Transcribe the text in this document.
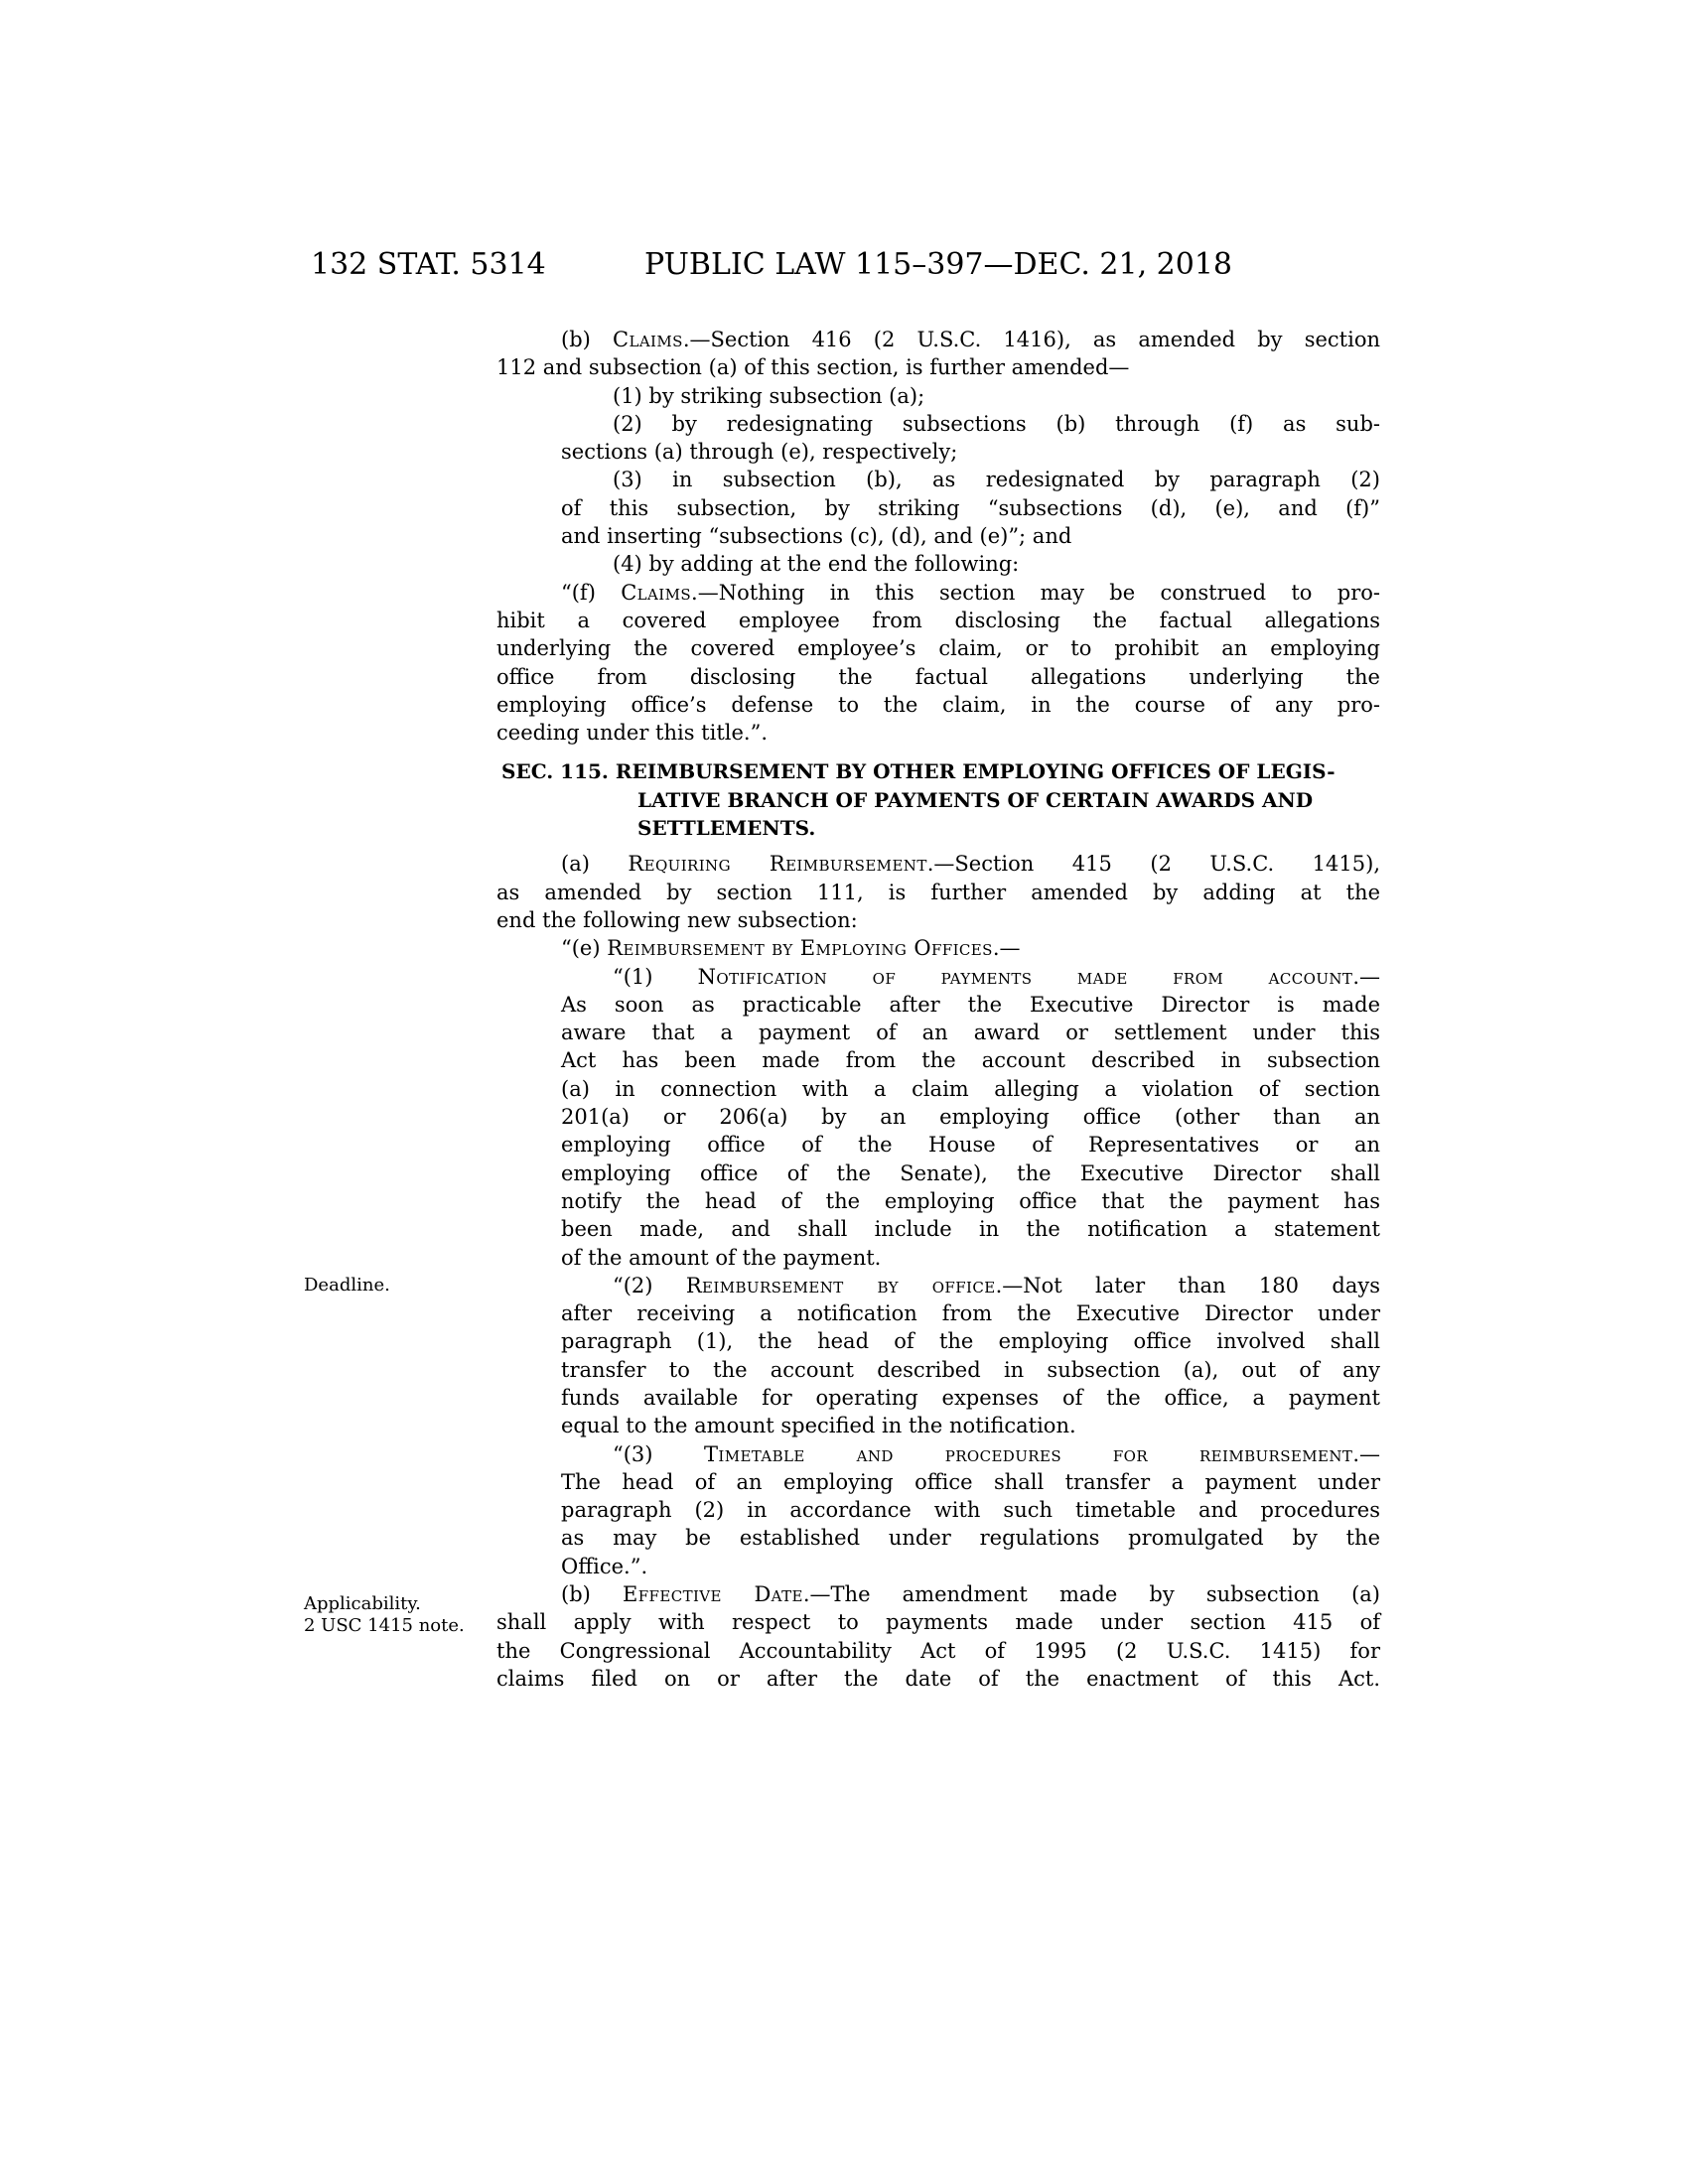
132 STAT. 5314	PUBLIC LAW 115–397—DEC. 21, 2018
Deadline.
Applicability.
2 USC 1415 note.
(b) Claims.—Section 416 (2 U.S.C. 1416), as amended by section
112 and subsection (a) of this section, is further amended—
(1) by striking subsection (a);
(2) by redesignating subsections (b) through (f) as sub-
sections (a) through (e), respectively;
(3) in subsection (b), as redesignated by paragraph (2)
of this subsection, by striking “subsections (d), (e), and (f)”
and inserting “subsections (c), (d), and (e)”; and
(4) by adding at the end the following:
“(f) Claims.—Nothing in this section may be construed to pro-
hibit a covered employee from disclosing the factual allegations
underlying the covered employee’s claim, or to prohibit an employing
office from disclosing the factual allegations underlying the
employing office’s defense to the claim, in the course of any pro-
ceeding under this title.”.
SEC. 115. REIMBURSEMENT BY OTHER EMPLOYING OFFICES OF LEGIS-
LATIVE BRANCH OF PAYMENTS OF CERTAIN AWARDS AND
SETTLEMENTS.
(a) Requiring Reimbursement.—Section 415 (2 U.S.C. 1415),
as amended by section 111, is further amended by adding at the
end the following new subsection:
“(e) Reimbursement by Employing Offices.—
“(1) Notification of payments made from account.—
As soon as practicable after the Executive Director is made
aware that a payment of an award or settlement under this
Act has been made from the account described in subsection
(a) in connection with a claim alleging a violation of section
201(a) or 206(a) by an employing office (other than an
employing office of the House of Representatives or an
employing office of the Senate), the Executive Director shall
notify the head of the employing office that the payment has
been made, and shall include in the notification a statement
of the amount of the payment.
“(2) Reimbursement by office.—Not later than 180 days
after receiving a notification from the Executive Director under
paragraph (1), the head of the employing office involved shall
transfer to the account described in subsection (a), out of any
funds available for operating expenses of the office, a payment
equal to the amount specified in the notification.
“(3) Timetable and procedures for reimbursement.—
The head of an employing office shall transfer a payment under
paragraph (2) in accordance with such timetable and procedures
as may be established under regulations promulgated by the
Office.”.
(b) Effective Date.—The amendment made by subsection (a)
shall apply with respect to payments made under section 415 of
the Congressional Accountability Act of 1995 (2 U.S.C. 1415) for
claims filed on or after the date of the enactment of this Act.
